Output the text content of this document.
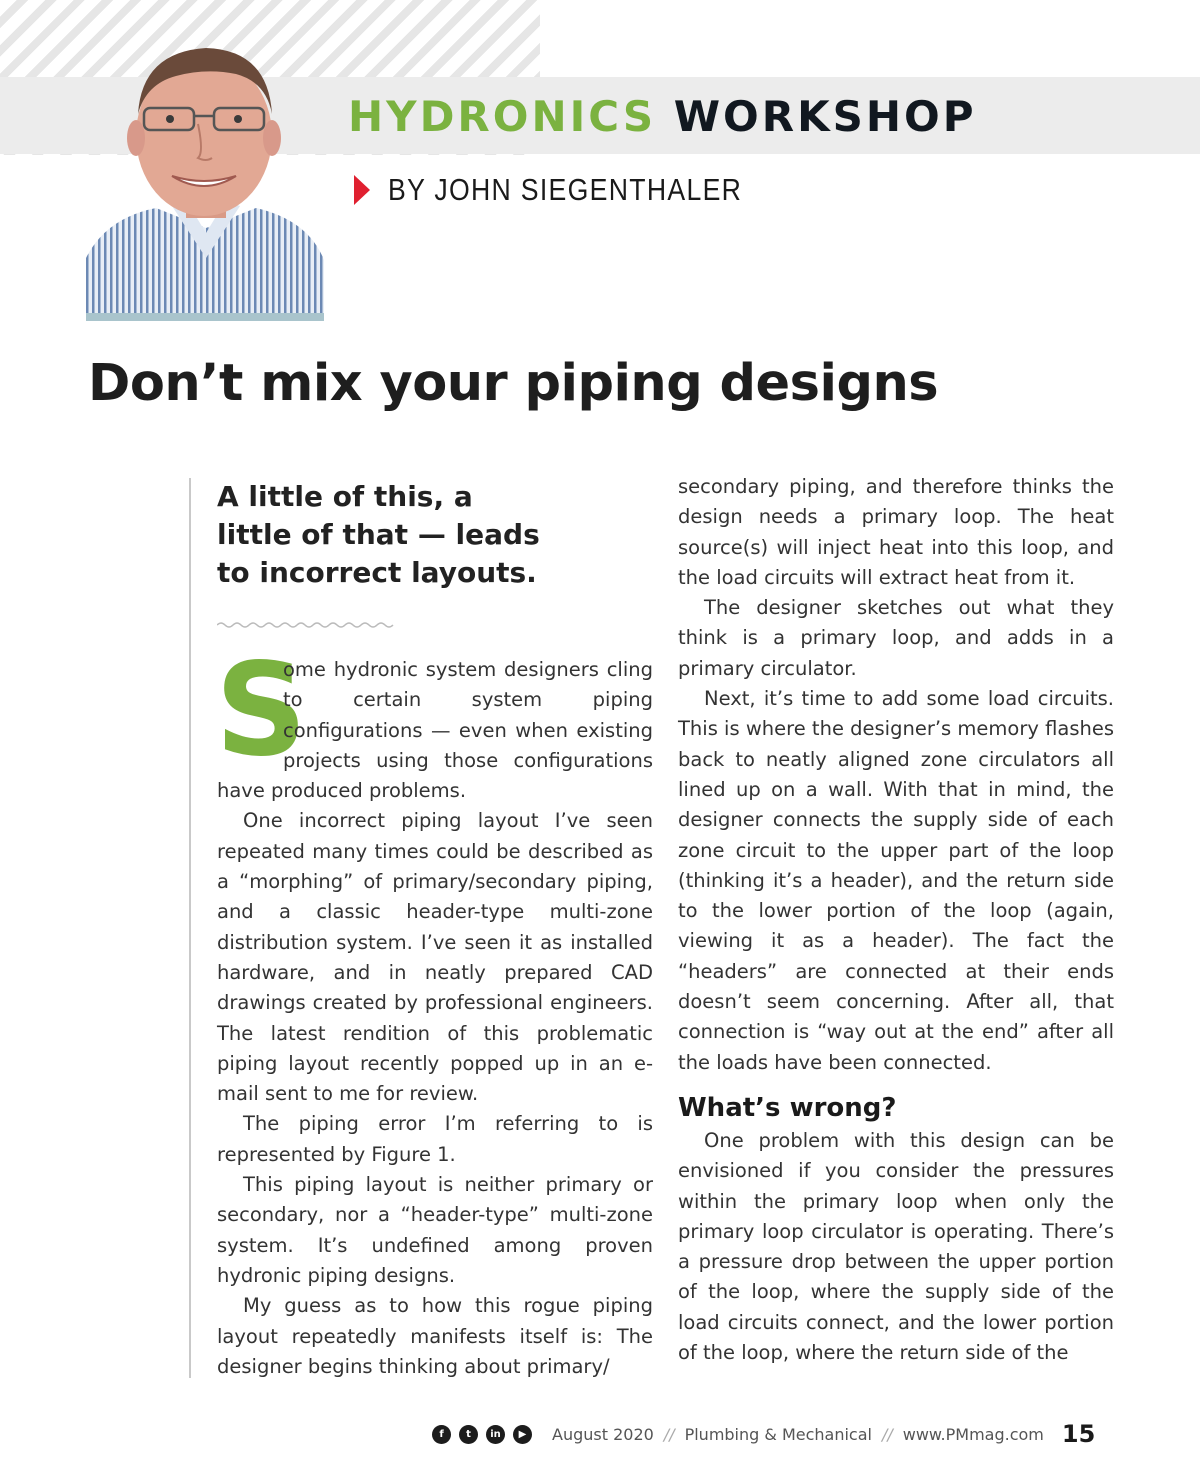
HYDRONICS WORKSHOP
BY JOHN SIEGENTHALER
Don’t mix your piping designs
A little of this, a little of that — leads to incorrect layouts.

S
ome hydronic system designers cling to certain system piping configurations — even when existing projects using those configurations have produced problems.

One incorrect piping layout I’ve seen repeated many times could be described as a “morphing” of primary/secondary piping, and a classic header-type multi-zone distribution system. I’ve seen it as installed hardware, and in neatly prepared CAD drawings created by professional engineers. The latest rendition of this problematic piping layout recently popped up in an e-mail sent to me for review.

The piping error I’m referring to is represented by Figure 1.

This piping layout is neither primary or secondary, nor a “header-type” multi-zone system. It’s undefined among proven hydronic piping designs.

My guess as to how this rogue piping layout repeatedly manifests itself is: The designer begins thinking about primary/

secondary piping, and therefore thinks the design needs a primary loop. The heat source(s) will inject heat into this loop, and the load circuits will extract heat from it.

The designer sketches out what they think is a primary loop, and adds in a primary circulator.

Next, it’s time to add some load circuits. This is where the designer’s memory flashes back to neatly aligned zone circulators all lined up on a wall. With that in mind, the designer connects the supply side of each zone circuit to the upper part of the loop (thinking it’s a header), and the return side to the lower portion of the loop (again, viewing it as a header). The fact the “headers” are connected at their ends doesn’t seem concerning. After all, that connection is “way out at the end” after all the loads have been connected.

What’s wrong?

One problem with this design can be envisioned if you consider the pressures within the primary loop when only the primary loop circulator is operating. There’s a pressure drop between the upper portion of the loop, where the supply side of the load circuits connect, and the lower portion of the loop, where the return side of the

f	t	in	▶	August 2020 // Plumbing & Mechanical // www.PMmag.com 15
